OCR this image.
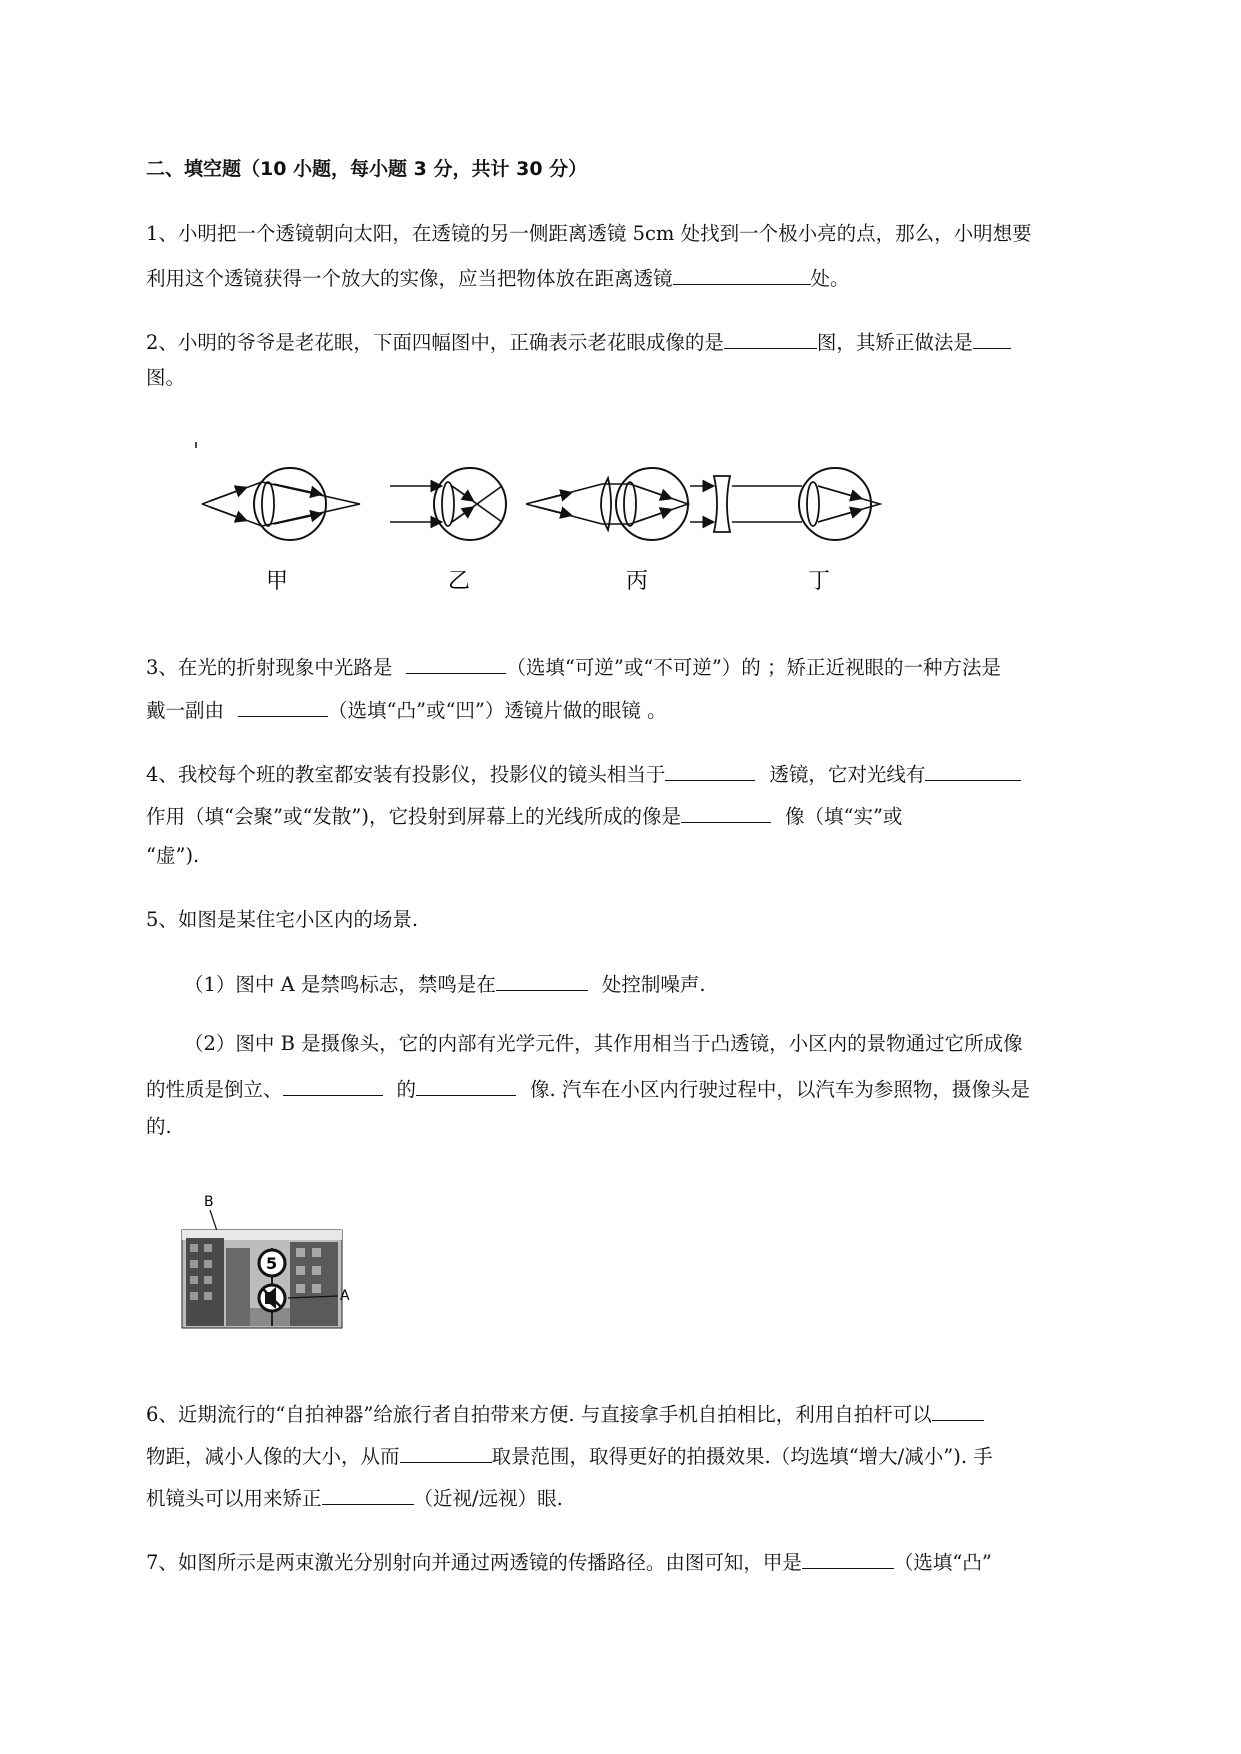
二、填空题（10 小题，每小题 3 分，共计 30 分）
1、小明把一个透镜朝向太阳，在透镜的另一侧距离透镜 5cm 处找到一个极小亮的点，那么，小明想要
利用这个透镜获得一个放大的实像，应当把物体放在距离透镜	处。
2、小明的爷爷是老花眼，下面四幅图中，正确表示老花眼成像的是	图，其矫正做法是
图。
甲	乙	丙	丁
3、在光的折射现象中光路是	（选填“可逆”或“不可逆”）的 ；矫正近视眼的一种方法是
戴一副由	（选填“凸”或“凹”）透镜片做的眼镜 。
4、我校每个班的教室都安装有投影仪，投影仪的镜头相当于	透镜，它对光线有
作用（填“会聚”或“发散”)，它投射到屏幕上的光线所成的像是	像（填“实”或
“虚”).
5、如图是某住宅小区内的场景.
（1）图中 A 是禁鸣标志，禁鸣是在	处控制噪声.
（2）图中 B 是摄像头，它的内部有光学元件，其作用相当于凸透镜，小区内的景物通过它所成像
的性质是倒立、	的	像. 汽车在小区内行驶过程中，以汽车为参照物，摄像头是
的.
B
5
A
6、近期流行的“自拍神器”给旅行者自拍带来方便. 与直接拿手机自拍相比，利用自拍杆可以
物距，减小人像的大小，从而	取景范围，取得更好的拍摄效果.（均选填“增大/减小”). 手
机镜头可以用来矫正	（近视/远视）眼.
7、如图所示是两束激光分别射向并通过两透镜的传播路径。由图可知，甲是	（选填“凸”
